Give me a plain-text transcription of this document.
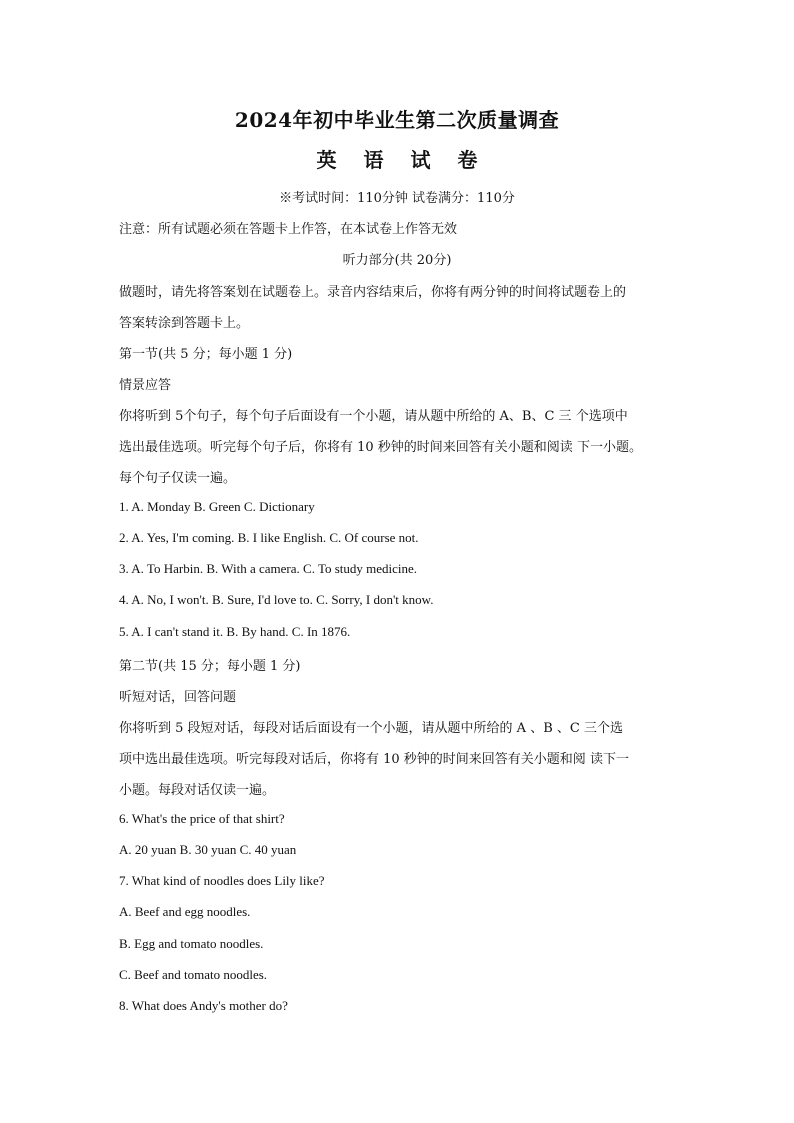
2024年初中毕业生第二次质量调查
英 语 试 卷
※考试时间：110分钟 试卷满分：110分
注意：所有试题必须在答题卡上作答，在本试卷上作答无效
听力部分(共 20分)
做题时，请先将答案划在试题卷上。录音内容结束后，你将有两分钟的时间将试题卷上的
答案转涂到答题卡上。
第一节(共 5 分；每小题 1 分)
情景应答
你将听到 5个句子，每个句子后面设有一个小题，请从题中所给的 A、B、C 三 个选项中
选出最佳选项。听完每个句子后，你将有 10 秒钟的时间来回答有关小题和阅读 下一小题。
每个句子仅读一遍。
1. A. Monday B. Green C. Dictionary
2. A. Yes, I'm coming. B. I like English. C. Of course not.
3. A. To Harbin. B. With a camera. C. To study medicine.
4. A. No, I won't. B. Sure, I'd love to. C. Sorry, I don't know.
5. A. I can't stand it. B. By hand. C. In 1876.
第二节(共 15 分；每小题 1 分)
听短对话，回答问题
你将听到 5 段短对话，每段对话后面设有一个小题，请从题中所给的 A 、B 、C 三个选
项中选出最佳选项。听完每段对话后，你将有 10 秒钟的时间来回答有关小题和阅 读下一
小题。每段对话仅读一遍。
6. What's the price of that shirt?
A. 20 yuan B. 30 yuan C. 40 yuan
7. What kind of noodles does Lily like?
A. Beef and egg noodles.
B. Egg and tomato noodles.
C. Beef and tomato noodles.
8. What does Andy's mother do?
